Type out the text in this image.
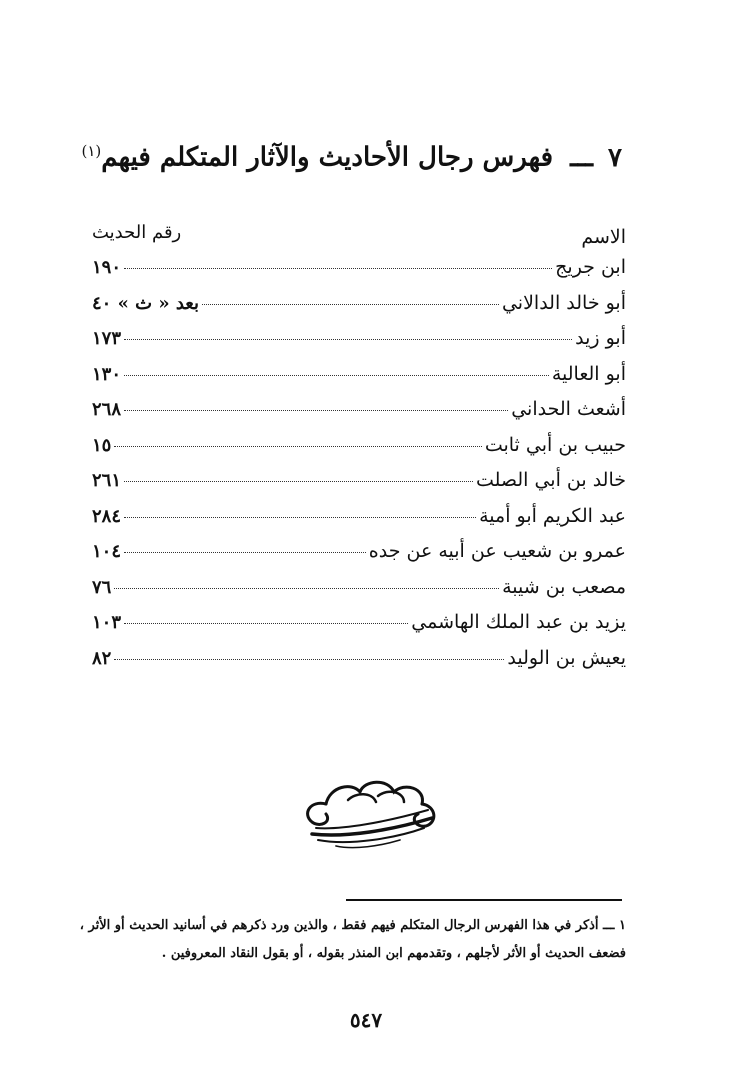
٧ ـــ فهرس رجال الأحاديث والآثار المتكلم فيهم$^{(١)}$
الاسم
رقم الحديث
ابن جريج
١٩٠
أبو خالد الدالاني
بعد « ث » ٤٠
أبو زيد
١٧٣
أبو العالية
١٣٠
أشعث الحداني
٢٦٨
حبيب بن أبي ثابت
١٥
خالد بن أبي الصلت
٢٦١
عبد الكريم أبو أمية
٢٨٤
عمرو بن شعيب عن أبيه عن جده
١٠٤
مصعب بن شيبة
٧٦
يزيد بن عبد الملك الهاشمي
١٠٣
يعيش بن الوليد
٨٢
١ ـــ أذكر في هذا الفهرس الرجال المتكلم فيهم فقط ، والذين ورد ذكرهم في أسانيد الحديث أو الأثر ،
فضعف الحديث أو الأثر لأجلهم ، وتقدمهم ابن المنذر بقوله ، أو بقول النقاد المعروفين .
٥٤٧
